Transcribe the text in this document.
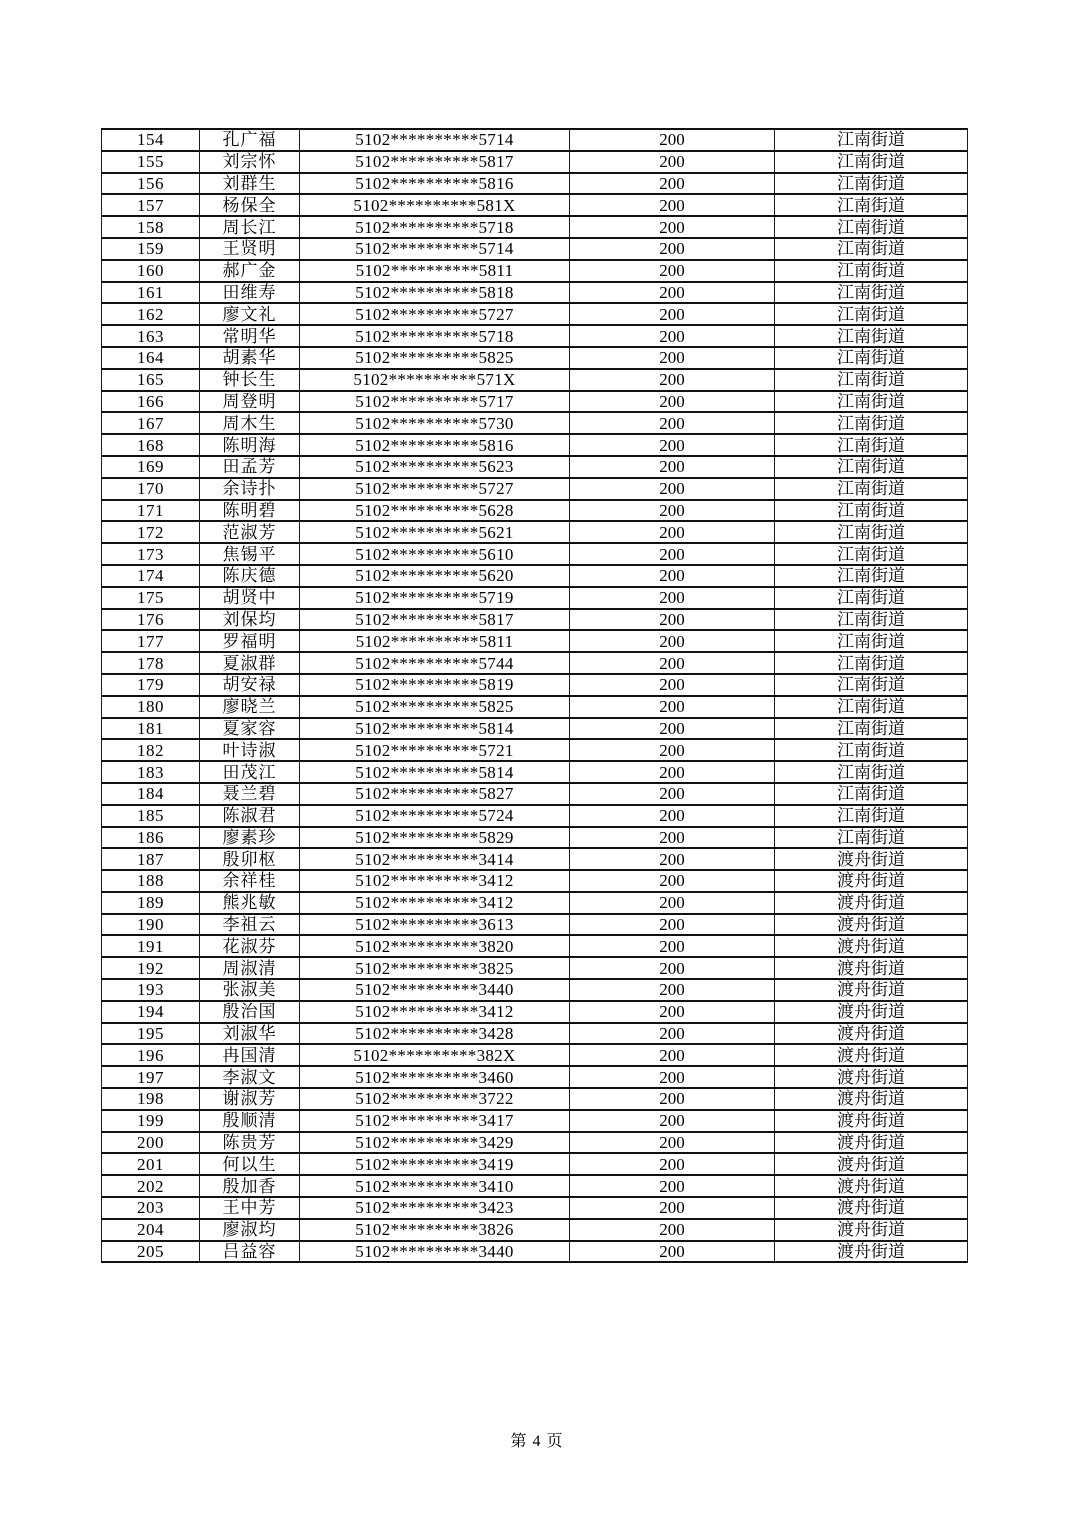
154	孔广福	5102**********5714	200	江南街道
155	刘宗怀	5102**********5817	200	江南街道
156	刘群生	5102**********5816	200	江南街道
157	杨保全	5102**********581X	200	江南街道
158	周长江	5102**********5718	200	江南街道
159	王贤明	5102**********5714	200	江南街道
160	郝广金	5102**********5811	200	江南街道
161	田维寿	5102**********5818	200	江南街道
162	廖文礼	5102**********5727	200	江南街道
163	常明华	5102**********5718	200	江南街道
164	胡素华	5102**********5825	200	江南街道
165	钟长生	5102**********571X	200	江南街道
166	周登明	5102**********5717	200	江南街道
167	周木生	5102**********5730	200	江南街道
168	陈明海	5102**********5816	200	江南街道
169	田孟芳	5102**********5623	200	江南街道
170	余诗扑	5102**********5727	200	江南街道
171	陈明碧	5102**********5628	200	江南街道
172	范淑芳	5102**********5621	200	江南街道
173	焦锡平	5102**********5610	200	江南街道
174	陈庆德	5102**********5620	200	江南街道
175	胡贤中	5102**********5719	200	江南街道
176	刘保均	5102**********5817	200	江南街道
177	罗福明	5102**********5811	200	江南街道
178	夏淑群	5102**********5744	200	江南街道
179	胡安禄	5102**********5819	200	江南街道
180	廖晓兰	5102**********5825	200	江南街道
181	夏家容	5102**********5814	200	江南街道
182	叶诗淑	5102**********5721	200	江南街道
183	田茂江	5102**********5814	200	江南街道
184	聂兰碧	5102**********5827	200	江南街道
185	陈淑君	5102**********5724	200	江南街道
186	廖素珍	5102**********5829	200	江南街道
187	殷卯枢	5102**********3414	200	渡舟街道
188	余祥桂	5102**********3412	200	渡舟街道
189	熊兆敏	5102**********3412	200	渡舟街道
190	李祖云	5102**********3613	200	渡舟街道
191	花淑芬	5102**********3820	200	渡舟街道
192	周淑清	5102**********3825	200	渡舟街道
193	张淑美	5102**********3440	200	渡舟街道
194	殷治国	5102**********3412	200	渡舟街道
195	刘淑华	5102**********3428	200	渡舟街道
196	冉国清	5102**********382X	200	渡舟街道
197	李淑文	5102**********3460	200	渡舟街道
198	谢淑芳	5102**********3722	200	渡舟街道
199	殷顺清	5102**********3417	200	渡舟街道
200	陈贵芳	5102**********3429	200	渡舟街道
201	何以生	5102**********3419	200	渡舟街道
202	殷加香	5102**********3410	200	渡舟街道
203	王中芳	5102**********3423	200	渡舟街道
204	廖淑均	5102**********3826	200	渡舟街道
205	吕益容	5102**********3440	200	渡舟街道
第 4 页
